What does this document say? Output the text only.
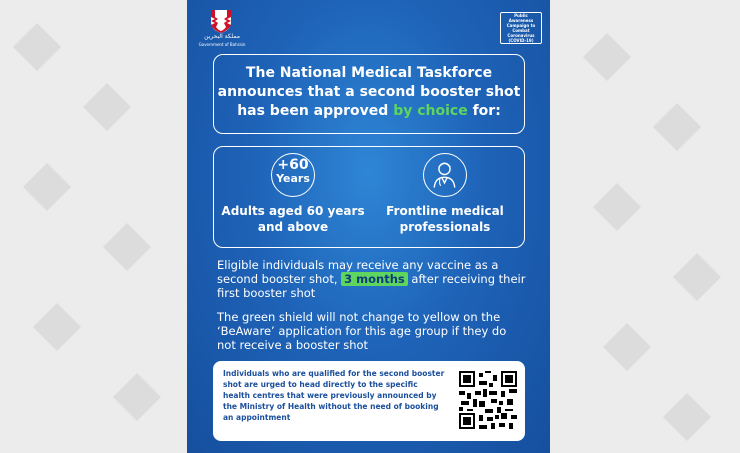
مملكة البحرين
Government of Bahrain
Public Awareness Campaign to Combat Coronavirus (COVID-19)
The National Medical Taskforce announces that a second booster shot has been approved by choice for:
+60
Years
Adults aged 60 years and above
Frontline medical professionals
Eligible individuals may receive any vaccine as a second booster shot, 3 months after receiving their first booster shot
The green shield will not change to yellow on the ‘BeAware’ application for this age group if they do not receive a booster shot
Individuals who are qualified for the second booster shot are urged to head directly to the specific health centres that were previously announced by the Ministry of Health without the need of booking an appointment
